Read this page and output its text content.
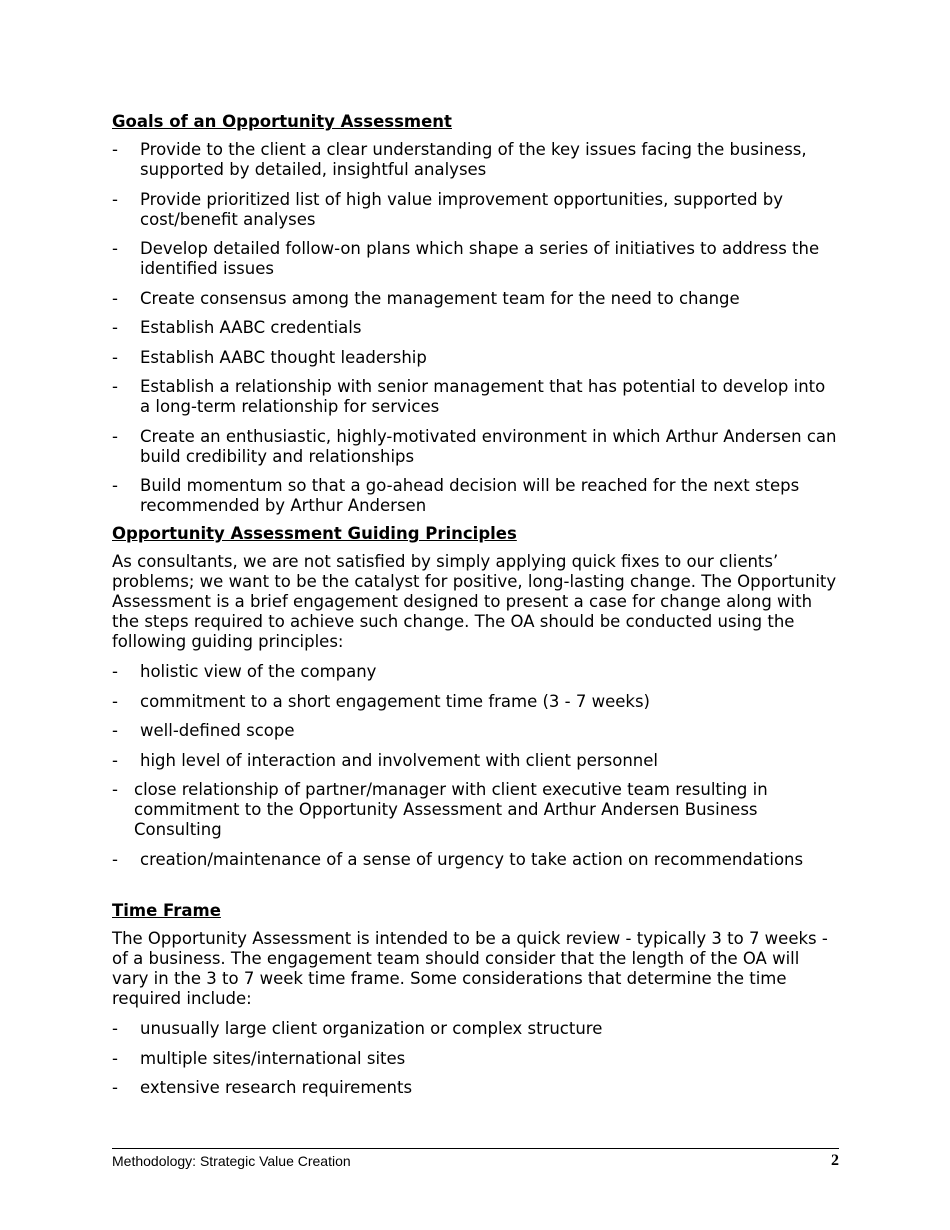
Goals of an Opportunity Assessment
-	Provide to the client a clear understanding of the key issues facing the business, supported by detailed, insightful analyses
-	Provide prioritized list of high value improvement opportunities, supported by cost/benefit analyses
-	Develop detailed follow-on plans which shape a series of initiatives to address the identified issues
-	Create consensus among the management team for the need to change
-	Establish AABC credentials
-	Establish AABC thought leadership
-	Establish a relationship with senior management that has potential to develop into a long-term relationship for services
-	Create an enthusiastic, highly-motivated environment in which Arthur Andersen can build credibility and relationships
-	Build momentum so that a go-ahead decision will be reached for the next steps recommended by Arthur Andersen
Opportunity Assessment Guiding Principles

As consultants, we are not satisfied by simply applying quick fixes to our clients’ problems; we want to be the catalyst for positive, long-lasting change. The Opportunity Assessment is a brief engagement designed to present a case for change along with the steps required to achieve such change. The OA should be conducted using the following guiding principles:

-	holistic view of the company
-	commitment to a short engagement time frame (3 - 7 weeks)
-	well-defined scope
-	high level of interaction and involvement with client personnel
- close relationship of partner/manager with client executive team resulting in commitment to the Opportunity Assessment and Arthur Andersen Business Consulting
-	creation/maintenance of a sense of urgency to take action on recommendations
Time Frame

The Opportunity Assessment is intended to be a quick review - typically 3 to 7 weeks - of a business. The engagement team should consider that the length of the OA will vary in the 3 to 7 week time frame. Some considerations that determine the time required include:

-	unusually large client organization or complex structure
-	multiple sites/international sites
-	extensive research requirements
Methodology: Strategic Value Creation	2
